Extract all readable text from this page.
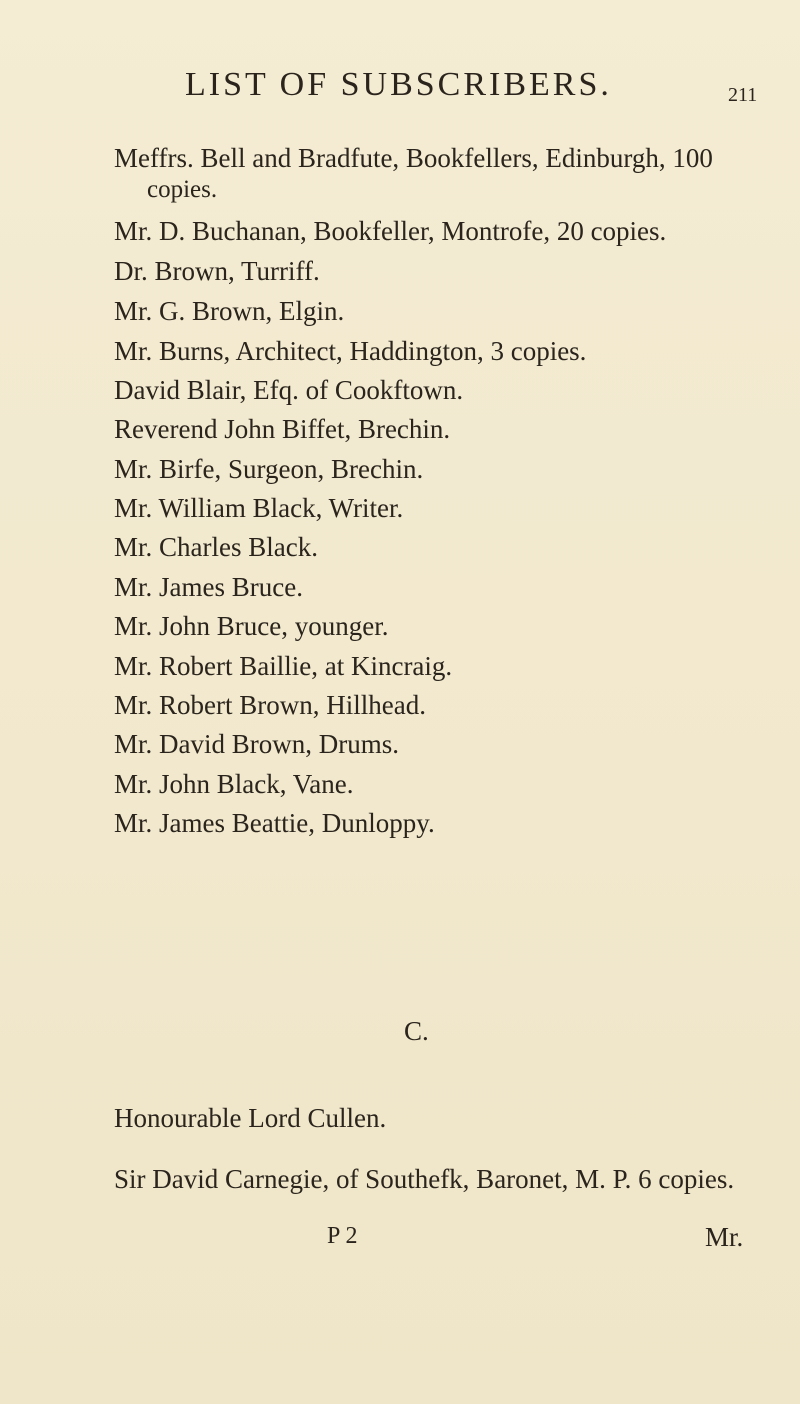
LIST OF SUBSCRIBERS.	211
Meffrs. Bell and Bradfute, Bookfellers, Edinburgh, 100
copies.
Mr. D. Buchanan, Bookfeller, Montrofe, 20 copies.
Dr. Brown, Turriff.
Mr. G. Brown, Elgin.
Mr. Burns, Architect, Haddington, 3 copies.
David Blair, Efq. of Cookftown.
Reverend John Biffet, Brechin.
Mr. Birfe, Surgeon, Brechin.
Mr. William Black, Writer.
Mr. Charles Black.
Mr. James Bruce.
Mr. John Bruce, younger.
Mr. Robert Baillie, at Kincraig.
Mr. Robert Brown, Hillhead.
Mr. David Brown, Drums.
Mr. John Black, Vane.
Mr. James Beattie, Dunloppy.
C.
Honourable Lord Cullen.
Sir David Carnegie, of Southefk, Baronet, M. P. 6 copies.
P 2	Mr.
